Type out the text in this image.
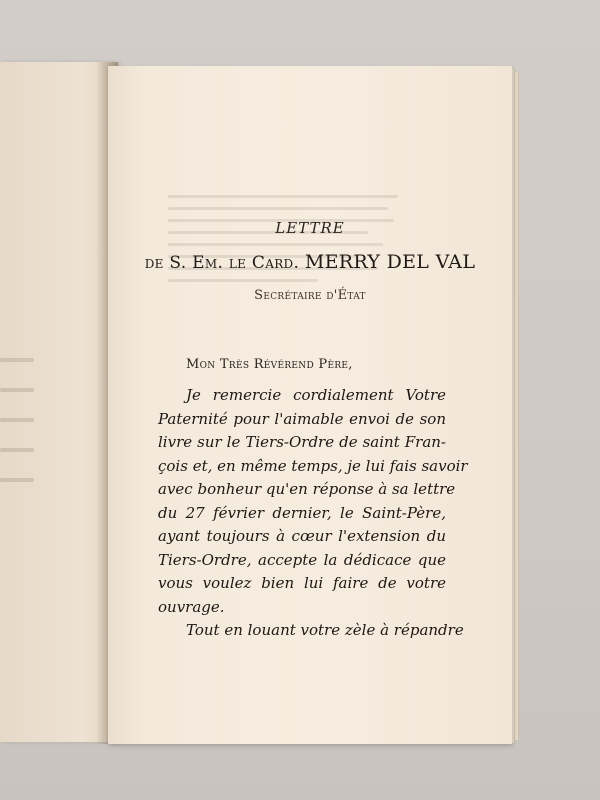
LETTRE
de S. Em. le Card. MERRY DEL VAL
Secrétaire d'État
Mon Très Révérend Père,
Je remercie cordialement Votre
Paternité pour l'aimable envoi de son
livre sur le Tiers-Ordre de saint Fran-
çois et, en même temps, je lui fais savoir
avec bonheur qu'en réponse à sa lettre
du 27 février dernier, le Saint-Père,
ayant toujours à cœur l'extension du
Tiers-Ordre, accepte la dédicace que
vous voulez bien lui faire de votre
ouvrage.
Tout en louant votre zèle à répandre
